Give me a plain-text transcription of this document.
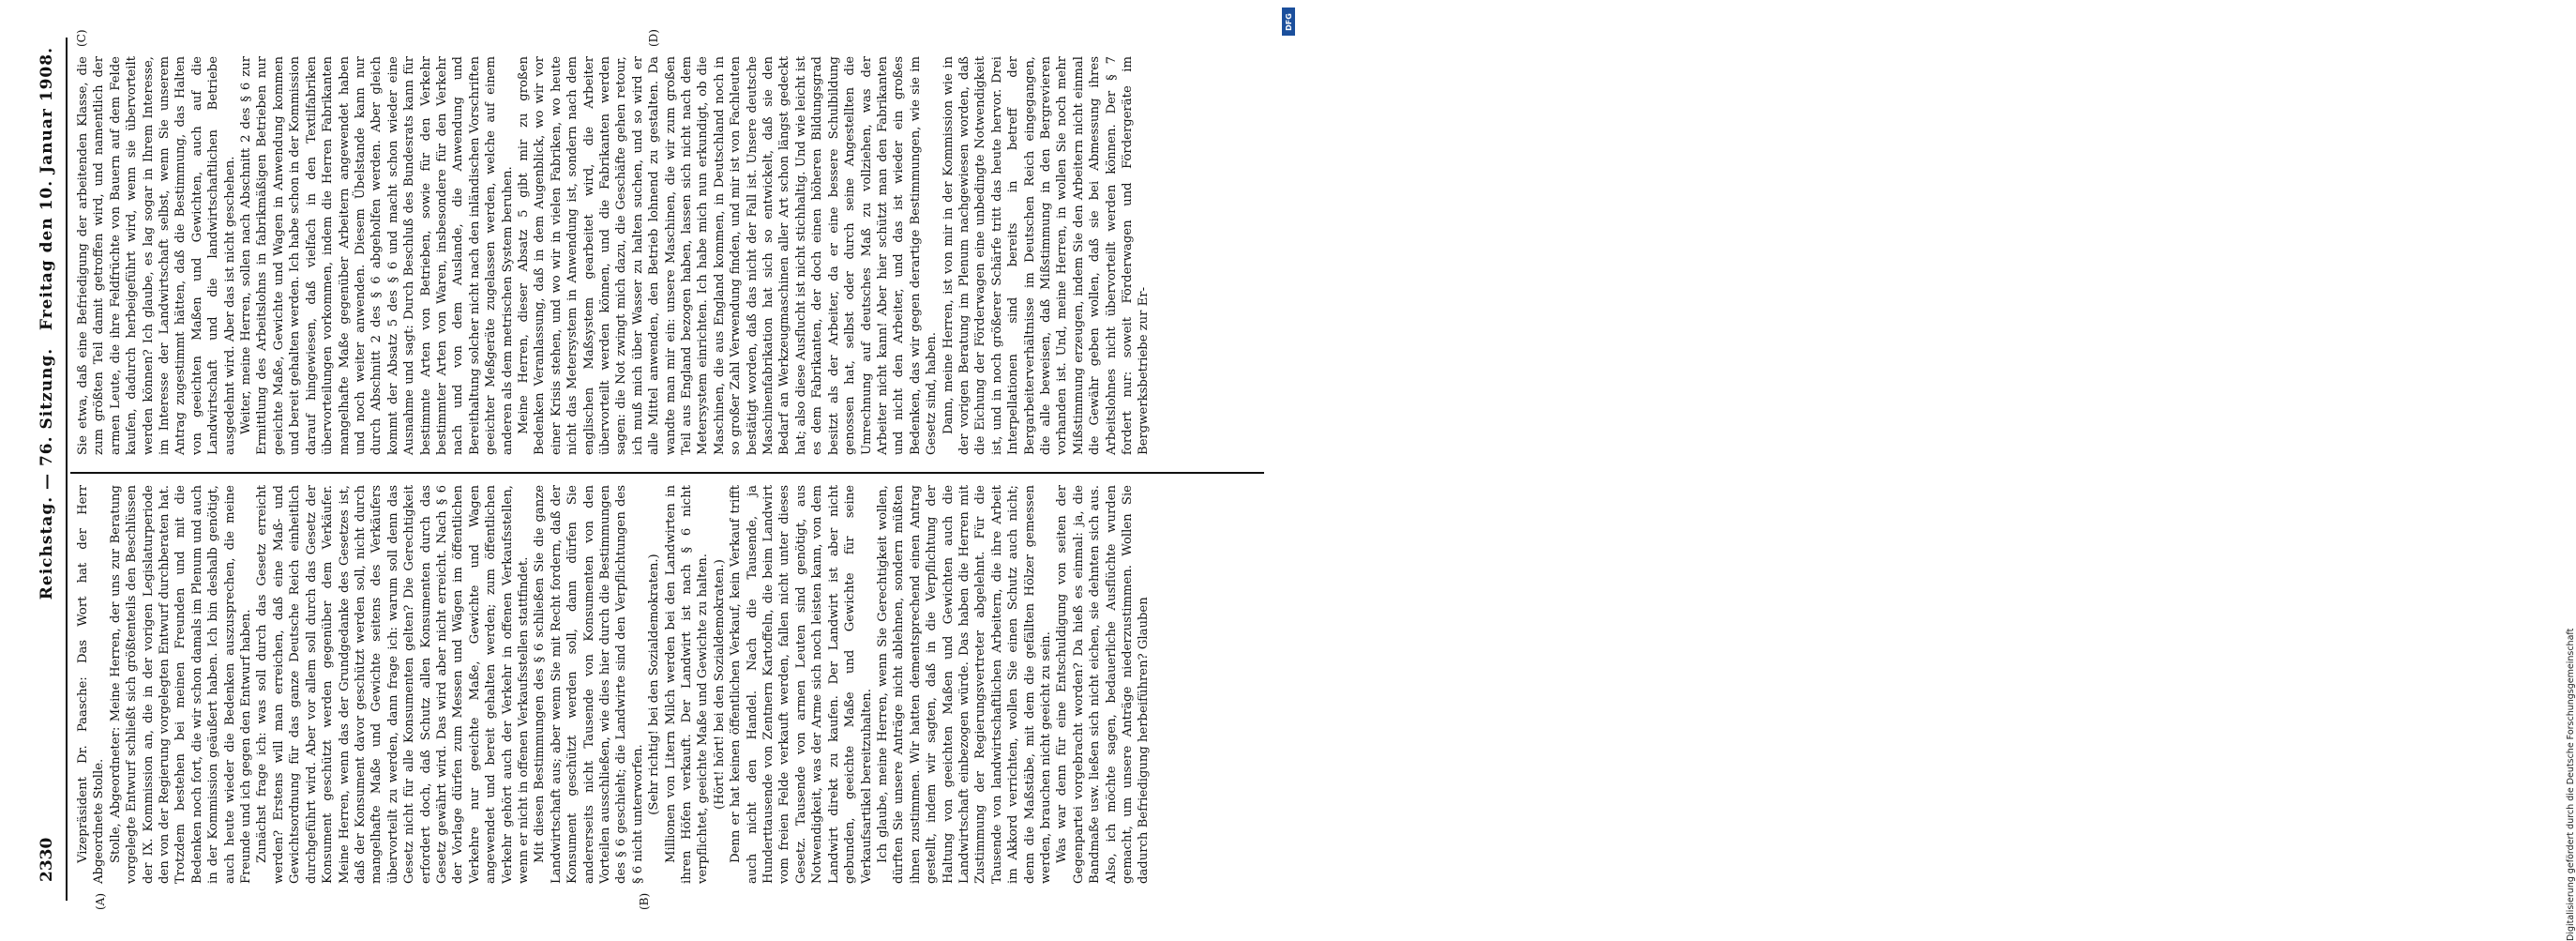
2330
Reichstag. — 76. Sitzung.
Freitag den 10. Januar 1908.
(A)	(B)
(C)	(D)

Vizepräsident Dr. Paasche: Das Wort hat der Herr Abgeordnete Stolle. Stolle, Abgeordneter: Meine Herren, der uns zur Beratung vorgelegte Entwurf schließt sich größtenteils den Beschlüssen der IX. Kommission an, die in der vorigen Legislaturperiode den von der Regierung vorgelegten Entwurf durchberaten hat. Trotzdem bestehen bei meinen Freunden und mit die Bedenken noch fort, die wir schon damals im Plenum und auch in der Kommission geäußert haben. Ich bin deshalb genötigt, auch heute wieder die Bedenken auszusprechen, die meine Freunde und ich gegen den Entwurf haben. Zunächst frage ich: was soll durch das Gesetz erreicht werden? Erstens will man erreichen, daß eine Maß- und Gewichtsordnung für das ganze Deutsche Reich einheitlich durchgeführt wird. Aber vor allem soll durch das Gesetz der Konsument geschützt werden gegenüber dem Verkäufer. Meine Herren, wenn das der Grundgedanke des Gesetzes ist, daß der Konsument davor geschützt werden soll, nicht durch mangelhafte Maße und Gewichte seitens des Verkäufers übervorteilt zu werden, dann frage ich: warum soll denn das Gesetz nicht für alle Konsumenten gelten? Die Gerechtigkeit erfordert doch, daß Schutz allen Konsumenten durch das Gesetz gewährt wird. Das wird aber nicht erreicht. Nach § 6 der Vorlage dürfen zum Messen und Wägen im öffentlichen Verkehre nur geeichte Maße, Gewichte und Wagen angewendet und bereit gehalten werden; zum öffentlichen Verkehr gehört auch der Verkehr in offenen Verkaufsstellen, wenn er nicht in offenen Verkaufsstellen stattfindet. Mit diesen Bestimmungen des § 6 schließen Sie die ganze Landwirtschaft aus; aber wenn Sie mit Recht fordern, daß der Konsument geschützt werden soll, dann dürfen Sie andererseits nicht Tausende von Konsumenten von den Vorteilen ausschließen, wie dies hier durch die Bestimmungen des § 6 geschieht; die Landwirte sind den Verpflichtungen des § 6 nicht unterworfen. (Sehr richtig! bei den Sozialdemokraten.) Millionen von Litern Milch werden bei den Landwirten in ihren Höfen verkauft. Der Landwirt ist nach § 6 nicht verpflichtet, geeichte Maße und Gewichte zu halten. (Hört! hört! bei den Sozialdemokraten.) Denn er hat keinen öffentlichen Verkauf, kein Verkauf trifft auch nicht den Handel. Nach die Tausende, ja Hunderttausende von Zentnern Kartoffeln, die beim Landwirt vom freien Felde verkauft werden, fallen nicht unter dieses Gesetz. Tausende von armen Leuten sind genötigt, aus Notwendigkeit, was der Arme sich noch leisten kann, von dem Landwirt direkt zu kaufen. Der Landwirt ist aber nicht gebunden, geeichte Maße und Gewichte für seine Verkaufsartikel bereitzuhalten. Ich glaube, meine Herren, wenn Sie Gerechtigkeit wollen, dürften Sie unsere Anträge nicht ablehnen, sondern müßten ihnen zustimmen. Wir hatten dementsprechend einen Antrag gestellt, indem wir sagten, daß in die Verpflichtung der Haltung von geeichten Maßen und Gewichten auch die Landwirtschaft einbezogen würde. Das haben die Herren mit Zustimmung der Regierungsvertreter abgelehnt. Für die Tausende von landwirtschaftlichen Arbeitern, die ihre Arbeit im Akkord verrichten, wollen Sie einen Schutz auch nicht; denn die Maßstäbe, mit dem die gefällten Hölzer gemessen werden, brauchen nicht geeicht zu sein. Was war denn für eine Entschuldigung von seiten der Gegenpartei vorgebracht worden? Da hieß es einmal: ja, die Bandmaße usw. ließen sich nicht eichen, sie dehnten sich aus. Also, ich möchte sagen, bedauerliche Ausflüchte wurden gemacht, um unsere Anträge niederzustimmen. Wollen Sie dadurch Befriedigung herbeiführen? Glauben

Sie etwa, daß eine Befriedigung der arbeitenden Klasse, die zum größten Teil damit getroffen wird, und namentlich der armen Leute, die ihre Feldfrüchte von Bauern auf dem Felde kaufen, dadurch herbeigeführt wird, wenn sie übervorteilt werden können? Ich glaube, es lag sogar in Ihrem Interesse, im Interesse der Landwirtschaft selbst, wenn Sie unserem Antrag zugestimmt hätten, daß die Bestimmung, das Halten von geeichten Maßen und Gewichten, auch auf die Landwirtschaft und die landwirtschaftlichen Betriebe ausgedehnt wird. Aber das ist nicht geschehen. Weiter, meine Herren, sollen nach Abschnitt 2 des § 6 zur Ermittlung des Arbeitslohns in fabrikmäßigen Betrieben nur geeichte Maße, Gewichte und Wagen in Anwendung kommen und bereit gehalten werden. Ich habe schon in der Kommission darauf hingewiesen, daß vielfach in den Textilfabriken übervorteilungen vorkommen, indem die Herren Fabrikanten mangelhafte Maße gegenüber Arbeitern angewendet haben und noch weiter anwenden. Diesem Übelstande kann nur durch Abschnitt 2 des § 6 abgeholfen werden. Aber gleich kommt der Absatz 5 des § 6 und macht schon wieder eine Ausnahme und sagt: Durch Beschluß des Bundesrats kann für bestimmte Arten von Betrieben, sowie für den Verkehr bestimmter Arten von Waren, insbesondere für den Verkehr nach und von dem Auslande, die Anwendung und Bereithaltung solcher nicht nach den inländischen Vorschriften geeichter Meßgeräte zugelassen werden, welche auf einem anderen als dem metrischen System beruhen. Meine Herren, dieser Absatz 5 gibt mir zu großen Bedenken Veranlassung, daß in dem Augenblick, wo wir vor einer Krisis stehen, und wo wir in vielen Fabriken, wo heute nicht das Metersystem in Anwendung ist, sondern nach dem englischen Maßsystem gearbeitet wird, die Arbeiter übervorteilt werden können, und die Fabrikanten werden sagen: die Not zwingt mich dazu, die Geschäfte gehen retour, ich muß mich über Wasser zu halten suchen, und so wird er alle Mittel anwenden, den Betrieb lohnend zu gestalten. Da wandte man mir ein: unsere Maschinen, die wir zum großen Teil aus England bezogen haben, lassen sich nicht nach dem Metersystem einrichten. Ich habe mich nun erkundigt, ob die Maschinen, die aus England kommen, in Deutschland noch in so großer Zahl Verwendung finden, und mir ist von Fachleuten bestätigt worden, daß das nicht der Fall ist. Unsere deutsche Maschinenfabrikation hat sich so entwickelt, daß sie den Bedarf an Werkzeugmaschinen aller Art schon längst gedeckt hat; also diese Ausflucht ist nicht stichhaltig. Und wie leicht ist es dem Fabrikanten, der doch einen höheren Bildungsgrad besitzt als der Arbeiter, da er eine bessere Schulbildung genossen hat, selbst oder durch seine Angestellten die Umrechnung auf deutsches Maß zu vollziehen, was der Arbeiter nicht kann! Aber hier schützt man den Fabrikanten und nicht den Arbeiter, und das ist wieder ein großes Bedenken, das wir gegen derartige Bestimmungen, wie sie im Gesetz sind, haben. Dann, meine Herren, ist von mir in der Kommission wie in der vorigen Beratung im Plenum nachgewiesen worden, daß die Eichung der Förderwagen eine unbedingte Notwendigkeit ist, und in noch größerer Schärfe tritt das heute hervor. Drei Interpellationen sind bereits in betreff der Bergarbeiterverhältnisse im Deutschen Reich eingegangen, die alle beweisen, daß Mißstimmung in den Bergrevieren vorhanden ist. Und, meine Herren, in wollen Sie noch mehr Mißstimmung erzeugen, indem Sie den Arbeitern nicht einmal die Gewähr geben wollen, daß sie bei Abmessung ihres Arbeitslohnes nicht übervorteilt werden können. Der § 7 fordert nur: soweit Förderwagen und Fördergeräte im Bergwerksbetriebe zur Er-

DFG
Digitalisierung gefördert durch die Deutsche Forschungsgemeinschaft
